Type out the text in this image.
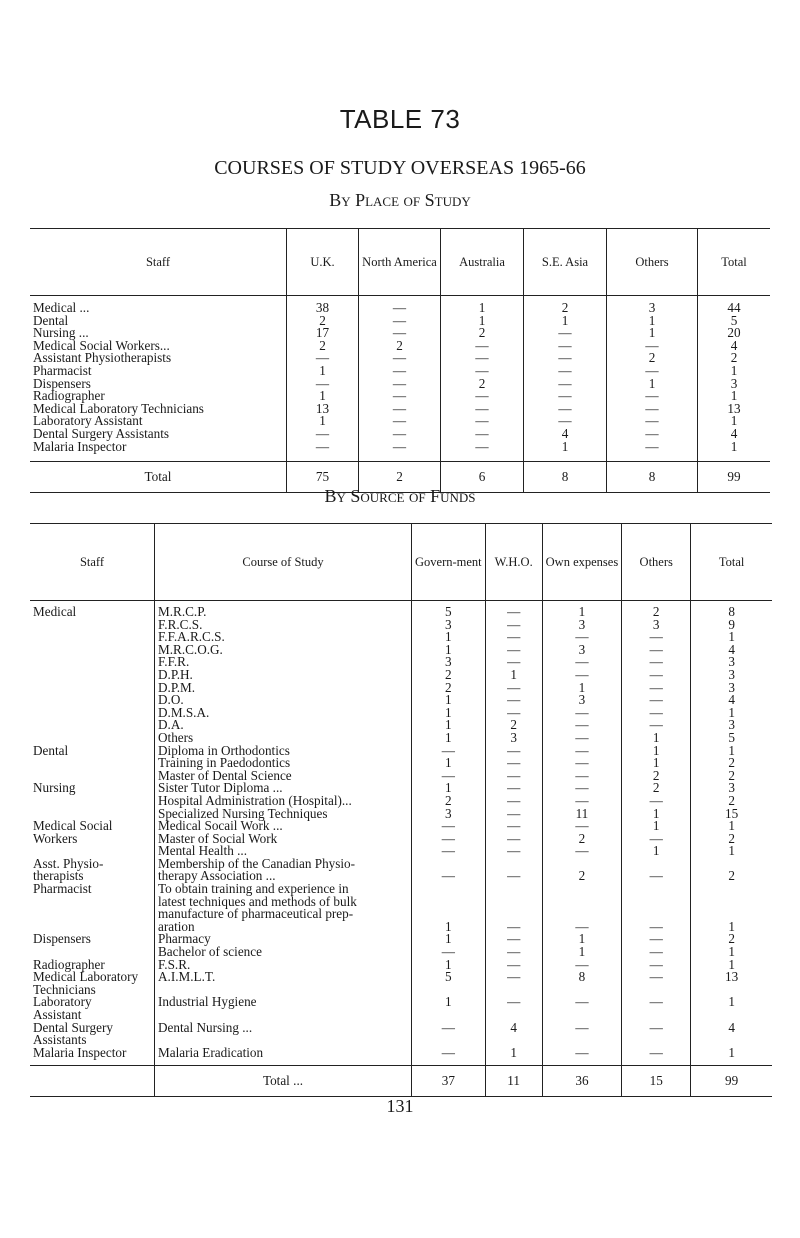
TABLE 73
COURSES OF STUDY OVERSEAS 1965-66
By Place of Study
Staff	U.K.	North America	Australia	S.E. Asia	Others	Total
Medical ...	38	—	1	2	3	44
Dental	2	—	1	1	1	5
Nursing ...	17	—	2	—	1	20
Medical Social Workers...	2	2	—	—	—	4
Assistant Physiotherapists	—	—	—	—	2	2
Pharmacist	1	—	—	—	—	1
Dispensers	—	—	2	—	1	3
Radiographer	1	—	—	—	—	1
Medical Laboratory Technicians	13	—	—	—	—	13
Laboratory Assistant	1	—	—	—	—	1
Dental Surgery Assistants	—	—	—	4	—	4
Malaria Inspector	—	—	—	1	—	1
Total	75	2	6	8	8	99
By Source of Funds
Staff	Course of Study	Govern-ment	W.H.O.	Own expenses	Others	Total
Medical	M.R.C.P.	5	—	1	2	8
	F.R.C.S.	3	—	3	3	9
	F.F.A.R.C.S.	1	—	—	—	1
	M.R.C.O.G.	1	—	3	—	4
	F.F.R.	3	—	—	—	3
	D.P.H.	2	1	—	—	3
	D.P.M.	2	—	1	—	3
	D.O.	1	—	3	—	4
	D.M.S.A.	1	—	—	—	1
	D.A.	1	2	—	—	3
	Others	1	3	—	1	5
Dental	Diploma in Orthodontics	—	—	—	1	1
	Training in Paedodontics	1	—	—	1	2
	Master of Dental Science	—	—	—	2	2
Nursing	Sister Tutor Diploma ...	1	—	—	2	3
	Hospital Administration (Hospital)...	2	—	—	—	2
	Specialized Nursing Techniques	3	—	11	1	15
Medical Social	Medical Socail Work ...	—	—	—	1	1
Workers	Master of Social Work	—	—	2	—	2
	Mental Health ...	—	—	—	1	1
Asst. Physio-	Membership of the Canadian Physio-					
therapists	therapy Association ...	—	—	2	—	2
Pharmacist	To obtain training and experience in					
	latest techniques and methods of bulk					
	manufacture of pharmaceutical prep-					
	aration	1	—	—	—	1
Dispensers	Pharmacy	1	—	1	—	2
	Bachelor of science	—	—	1	—	1
Radiographer	F.S.R.	1	—	—	—	1
Medical Laboratory	A.I.M.L.T.	5	—	8	—	13
Technicians						
Laboratory	Industrial Hygiene	1	—	—	—	1
Assistant						
Dental Surgery	Dental Nursing ...	—	4	—	—	4
Assistants						
Malaria Inspector	Malaria Eradication	—	1	—	—	1
	Total ...	37	11	36	15	99
131
